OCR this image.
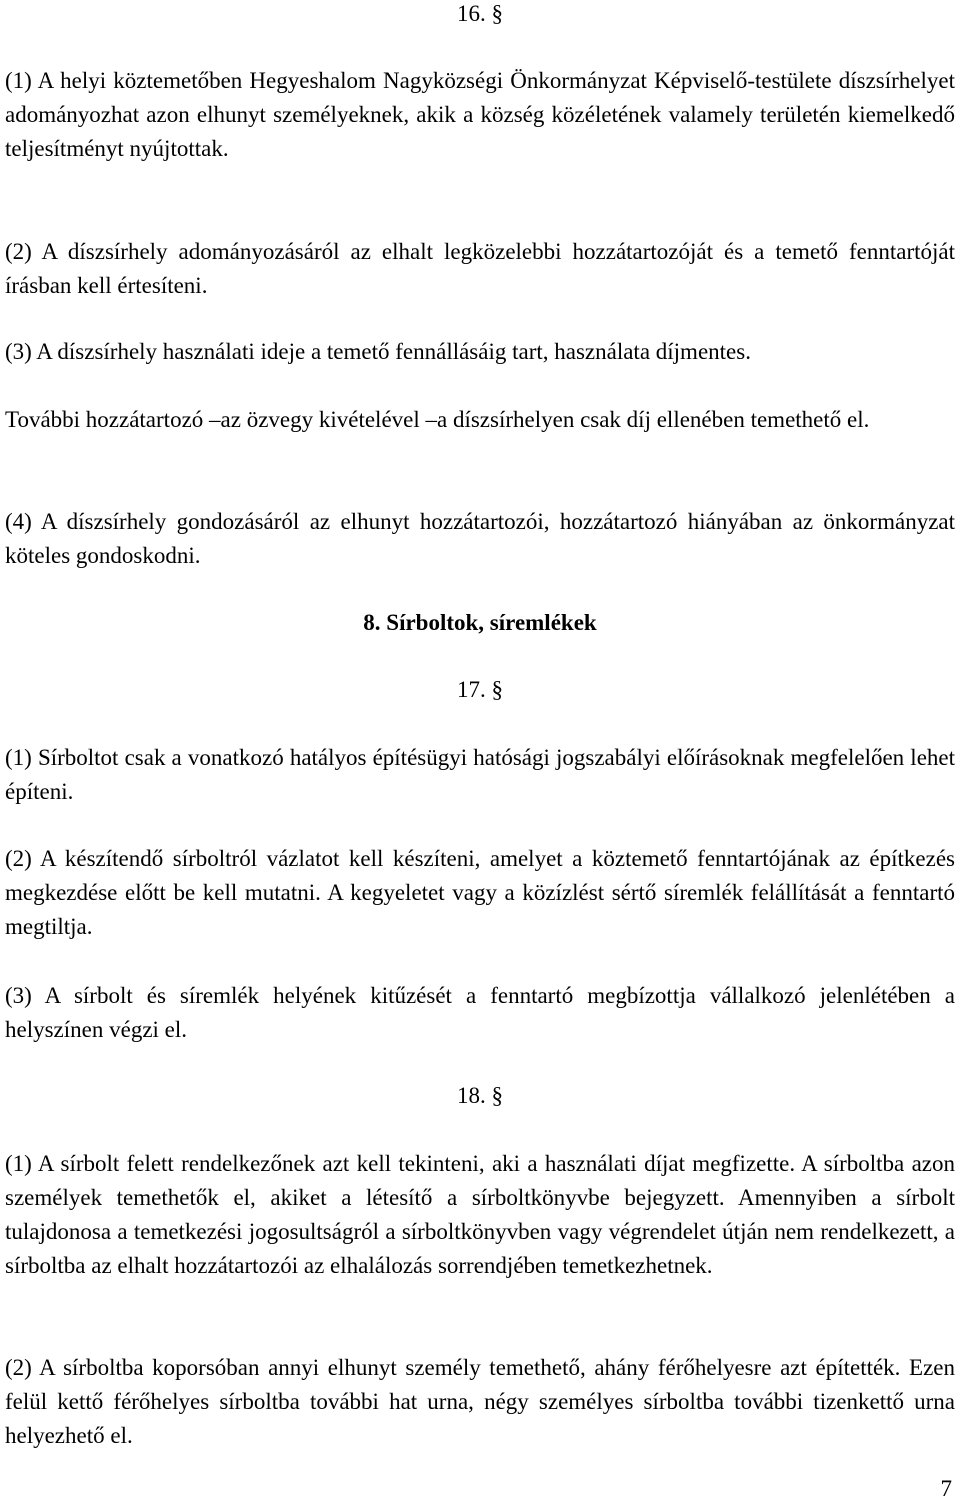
16. §

(1) A helyi köztemetőben Hegyeshalom Nagyközségi Önkormányzat Képviselő-testülete díszsírhelyet adományozhat azon elhunyt személyeknek, akik a község közéletének valamely területén kiemelkedő teljesítményt nyújtottak.

(2) A díszsírhely adományozásáról az elhalt legközelebbi hozzátartozóját és a temető fenntartóját írásban kell értesíteni.

(3) A díszsírhely használati ideje a temető fennállásáig tart, használata díjmentes.

További hozzátartozó –az özvegy kivételével –a díszsírhelyen csak díj ellenében temethető el.

(4) A díszsírhely gondozásáról az elhunyt hozzátartozói, hozzátartozó hiányában az önkormányzat köteles gondoskodni.

8. Sírboltok, síremlékek

17. §

(1) Sírboltot csak a vonatkozó hatályos építésügyi hatósági jogszabályi előírásoknak megfelelően lehet építeni.

(2) A készítendő sírboltról vázlatot kell készíteni, amelyet a köztemető fenntartójának az építkezés megkezdése előtt be kell mutatni. A kegyeletet vagy a közízlést sértő síremlék felállítását a fenntartó megtiltja.

(3) A sírbolt és síremlék helyének kitűzését a fenntartó megbízottja vállalkozó jelenlétében a helyszínen végzi el.

18. §

(1) A sírbolt felett rendelkezőnek azt kell tekinteni, aki a használati díjat megfizette. A sírboltba azon személyek temethetők el, akiket a létesítő a sírboltkönyvbe bejegyzett. Amennyiben a sírbolt tulajdonosa a temetkezési jogosultságról a sírboltkönyvben vagy végrendelet útján nem rendelkezett, a sírboltba az elhalt hozzátartozói az elhalálozás sorrendjében temetkezhetnek.

(2) A sírboltba koporsóban annyi elhunyt személy temethető, ahány férőhelyesre azt építették. Ezen felül kettő férőhelyes sírboltba további hat urna, négy személyes sírboltba további tizenkettő urna helyezhető el.

7
